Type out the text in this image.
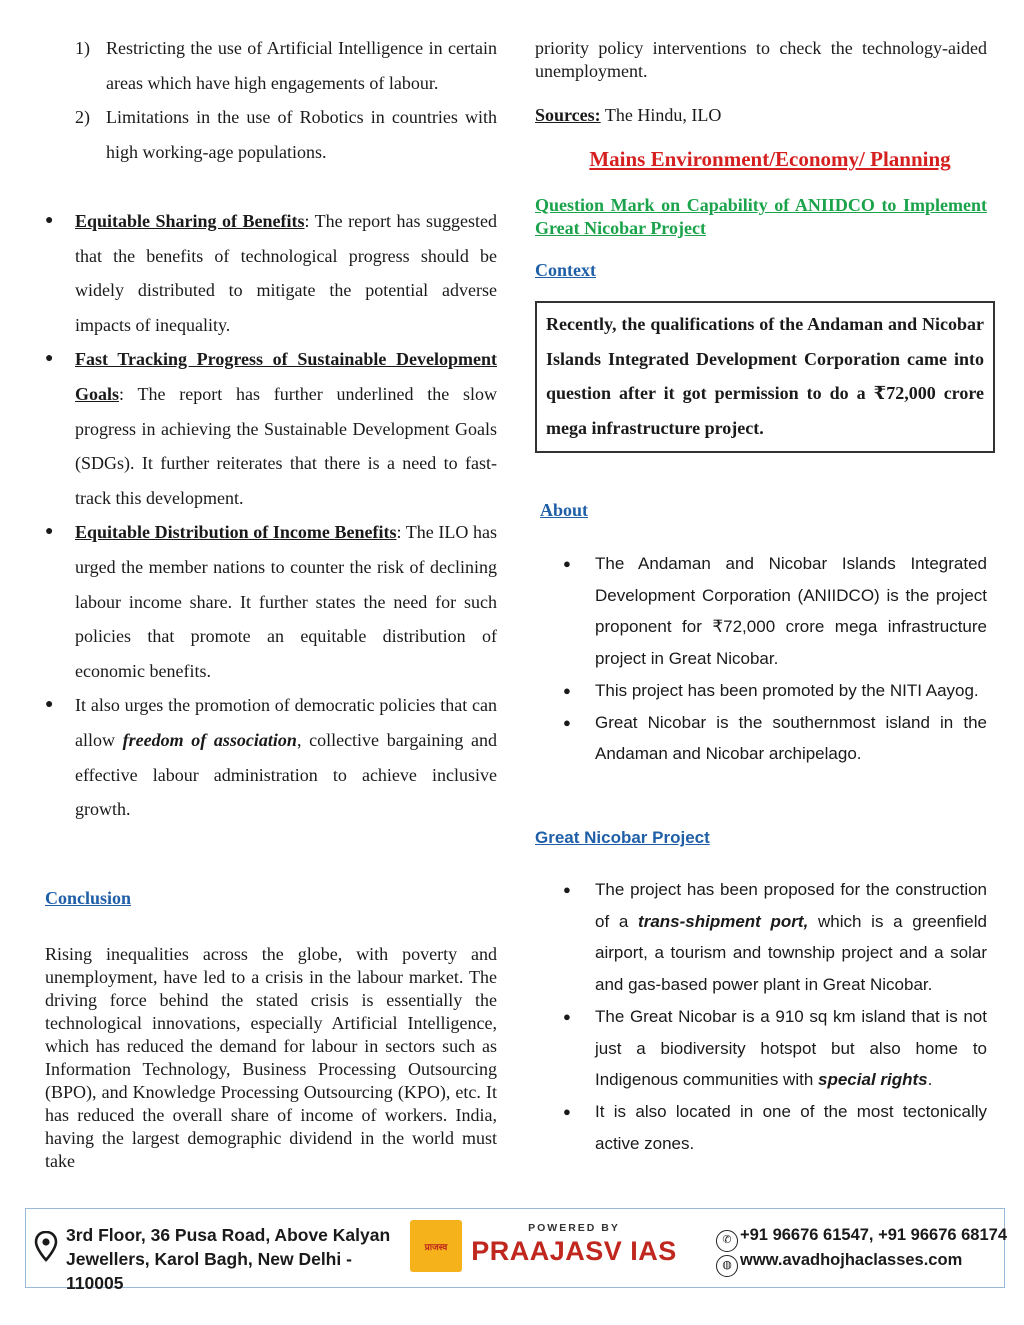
1) Restricting the use of Artificial Intelligence in certain areas which have high engagements of labour.
2) Limitations in the use of Robotics in countries with high working-age populations.
● Equitable Sharing of Benefits: The report has suggested that the benefits of technological progress should be widely distributed to mitigate the potential adverse impacts of inequality.
● Fast Tracking Progress of Sustainable Development Goals: The report has further underlined the slow progress in achieving the Sustainable Development Goals (SDGs). It further reiterates that there is a need to fast-track this development.
● Equitable Distribution of Income Benefits: The ILO has urged the member nations to counter the risk of declining labour income share. It further states the need for such policies that promote an equitable distribution of economic benefits.
● It also urges the promotion of democratic policies that can allow freedom of association, collective bargaining and effective labour administration to achieve inclusive growth.
Conclusion
Rising inequalities across the globe, with poverty and unemployment, have led to a crisis in the labour market. The driving force behind the stated crisis is essentially the technological innovations, especially Artificial Intelligence, which has reduced the demand for labour in sectors such as Information Technology, Business Processing Outsourcing (BPO), and Knowledge Processing Outsourcing (KPO), etc. It has reduced the overall share of income of workers. India, having the largest demographic dividend in the world must take
priority policy interventions to check the technology-aided unemployment.
Sources: The Hindu, ILO
Mains Environment/Economy/ Planning
Question Mark on Capability of ANIIDCO to Implement Great Nicobar Project
Context
Recently, the qualifications of the Andaman and Nicobar Islands Integrated Development Corporation came into question after it got permission to do a ₹72,000 crore mega infrastructure project.
About
● The Andaman and Nicobar Islands Integrated Development Corporation (ANIIDCO) is the project proponent for ₹72,000 crore mega infrastructure project in Great Nicobar.
● This project has been promoted by the NITI Aayog.
● Great Nicobar is the southernmost island in the Andaman and Nicobar archipelago.
Great Nicobar Project
● The project has been proposed for the construction of a trans-shipment port, which is a greenfield airport, a tourism and township project and a solar and gas-based power plant in Great Nicobar.
● The Great Nicobar is a 910 sq km island that is not just a biodiversity hotspot but also home to Indigenous communities with special rights.
● It is also located in one of the most tectonically active zones.
3rd Floor, 36 Pusa Road, Above Kalyan
Jewellers, Karol Bagh, New Delhi - 110005
प्राजस्व
POWERED BY
PRAAJASV IAS	✆ +91 96676 61547, +91 96676 68174
◍ www.avadhojhaclasses.com
